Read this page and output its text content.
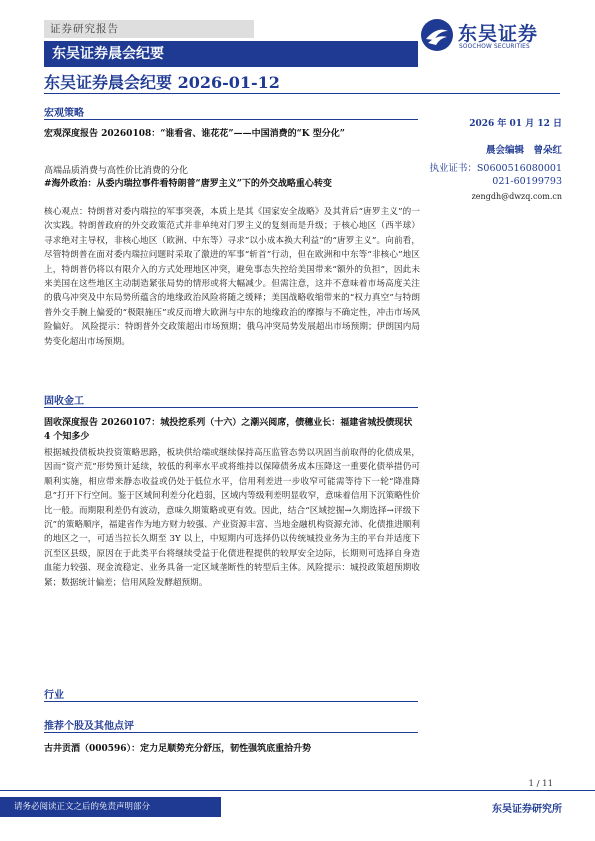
证券研究报告
东吴证券晨会纪要
东吴证券
SOOCHOW SECURITIES
东吴证券晨会纪要 2026-01-12
2026 年 01 月 12 日
晨会编辑　曾朵红
执业证书：S0600516080001
021-60199793
zengdh@dwzq.com.cn
宏观策略
宏观深度报告 20260108：“谁看省、谁花花”——中国消费的“K 型分化”
高端品质消费与高性价比消费的分化
#海外政治：从委内瑞拉事件看特朗普“唐罗主义”下的外交战略重心转变
核心观点：特朗普对委内瑞拉的军事突袭，本质上是其《国家安全战略》及其背后“唐罗主义”的一次实践。特朗普政府的外交政策范式并非单纯对门罗主义的复刻而是升级；于核心地区（西半球）寻求绝对主导权，非核心地区（欧洲、中东等）寻求“以小成本换大利益”的“唐罗主义”。向前看，尽管特朗普在面对委内瑞拉问题时采取了激进的军事“斩首”行动，但在欧洲和中东等“非核心”地区上，特朗普仍将以有限介入的方式处理地区冲突，避免事态失控给美国带来“额外的负担”，因此未来美国在这些地区主动制造紧张局势的情形或将大幅减少。但需注意，这并不意味着市场高度关注的俄乌冲突及中东局势所蕴含的地缘政治风险将随之缓释；美国战略收缩带来的“权力真空”与特朗普外交手腕上偏爱的“极限施压”或反而增大欧洲与中东的地缘政治的摩擦与不确定性，冲击市场风险偏好。 风险提示：特朗普外交政策超出市场预期；俄乌冲突局势发展超出市场预期；伊朗国内局势变化超出市场预期。
固收金工
固收深度报告 20260107：城投挖系列（十六）之潮兴阅席，债穗业长：福建省城投债现状 4 个知多少
根据城投债板块投资策略思路，板块供给端或继续保持高压监管态势以巩固当前取得的化债成果，因而“资产荒”形势预计延续，较低的利率水平或将维持以保障债务成本压降这一重要化债举措仍可顺利实施，相应带来静态收益或仍处于低位水平，信用利差进一步收窄可能需等待下一轮“降准降息”打开下行空间。鉴于区域间利差分化趋弱，区域内等级利差明显收窄，意味着信用下沉策略性价比一般。而期限利差仍有波动，意味久期策略或更有效。因此，结合“区域挖掘→久期选择→评级下沉”的策略顺序，福建省作为地方财力较强、产业资源丰富、当地金融机构资源充沛、化债推进顺利的地区之一，可适当拉长久期至 3Y 以上，中短期内可选择仍以传统城投业务为主的平台并适度下沉至区县级，原因在于此类平台将继续受益于化债进程提供的较厚安全边际，长期则可选择自身造血能力较强、现金流稳定、业务具备一定区域垄断性的转型后主体。风险提示：城投政策超预期收紧；数据统计偏差；信用风险发酵超预期。
行业
推荐个股及其他点评
古井贡酒（000596）：定力足顺势充分舒压，韧性强筑底重拾升势
1 / 11
请务必阅读正文之后的免责声明部分	东吴证券研究所
